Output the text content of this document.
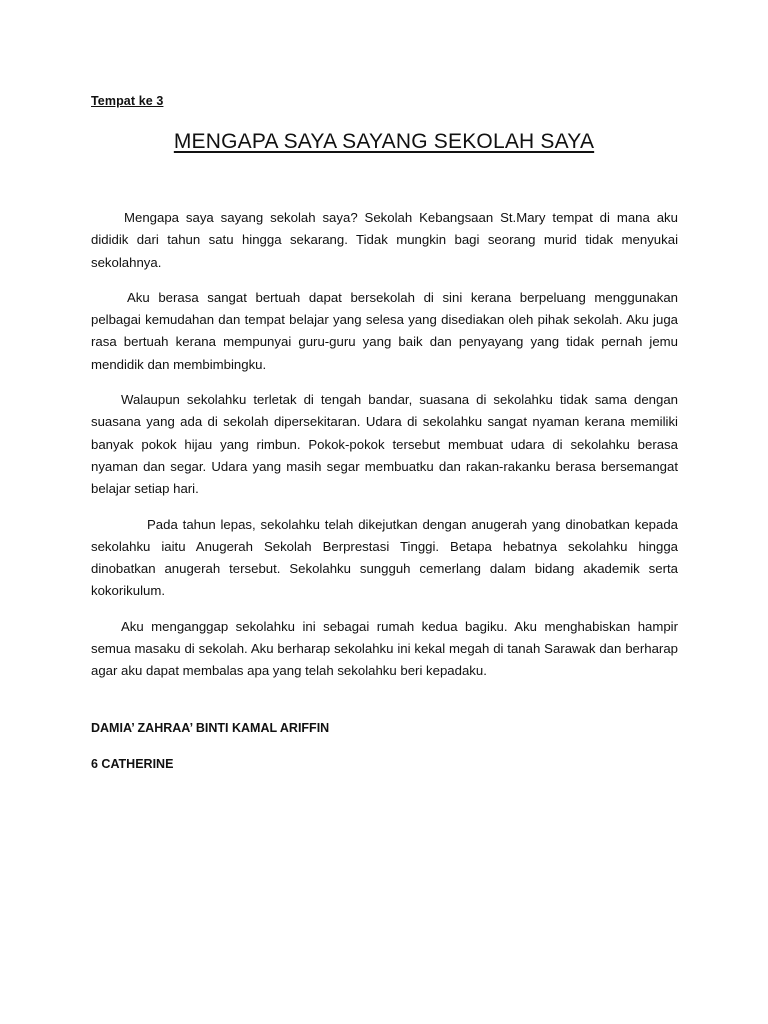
Tempat ke 3
MENGAPA SAYA SAYANG SEKOLAH SAYA

Mengapa saya sayang sekolah saya? Sekolah Kebangsaan St.Mary tempat di mana aku dididik dari tahun satu hingga sekarang. Tidak mungkin bagi seorang murid tidak menyukai sekolahnya.

Aku berasa sangat bertuah dapat bersekolah di sini kerana berpeluang menggunakan pelbagai kemudahan dan tempat belajar yang selesa yang disediakan oleh pihak sekolah. Aku juga rasa bertuah kerana mempunyai guru-guru yang baik dan penyayang yang tidak pernah jemu mendidik dan membimbingku.

Walaupun sekolahku terletak di tengah bandar, suasana di sekolahku tidak sama dengan suasana yang ada di sekolah dipersekitaran. Udara di sekolahku sangat nyaman kerana memiliki banyak pokok hijau yang rimbun. Pokok-pokok tersebut membuat udara di sekolahku berasa nyaman dan segar. Udara yang masih segar membuatku dan rakan-rakanku berasa bersemangat belajar setiap hari.

Pada tahun lepas, sekolahku telah dikejutkan dengan anugerah yang dinobatkan kepada sekolahku iaitu Anugerah Sekolah Berprestasi Tinggi. Betapa hebatnya sekolahku hingga dinobatkan anugerah tersebut. Sekolahku sungguh cemerlang dalam bidang akademik serta kokorikulum.

Aku menganggap sekolahku ini sebagai rumah kedua bagiku. Aku menghabiskan hampir semua masaku di sekolah. Aku berharap sekolahku ini kekal megah di tanah Sarawak dan berharap agar aku dapat membalas apa yang telah sekolahku beri kepadaku.

DAMIA’ ZAHRAA’ BINTI KAMAL ARIFFIN
6 CATHERINE
